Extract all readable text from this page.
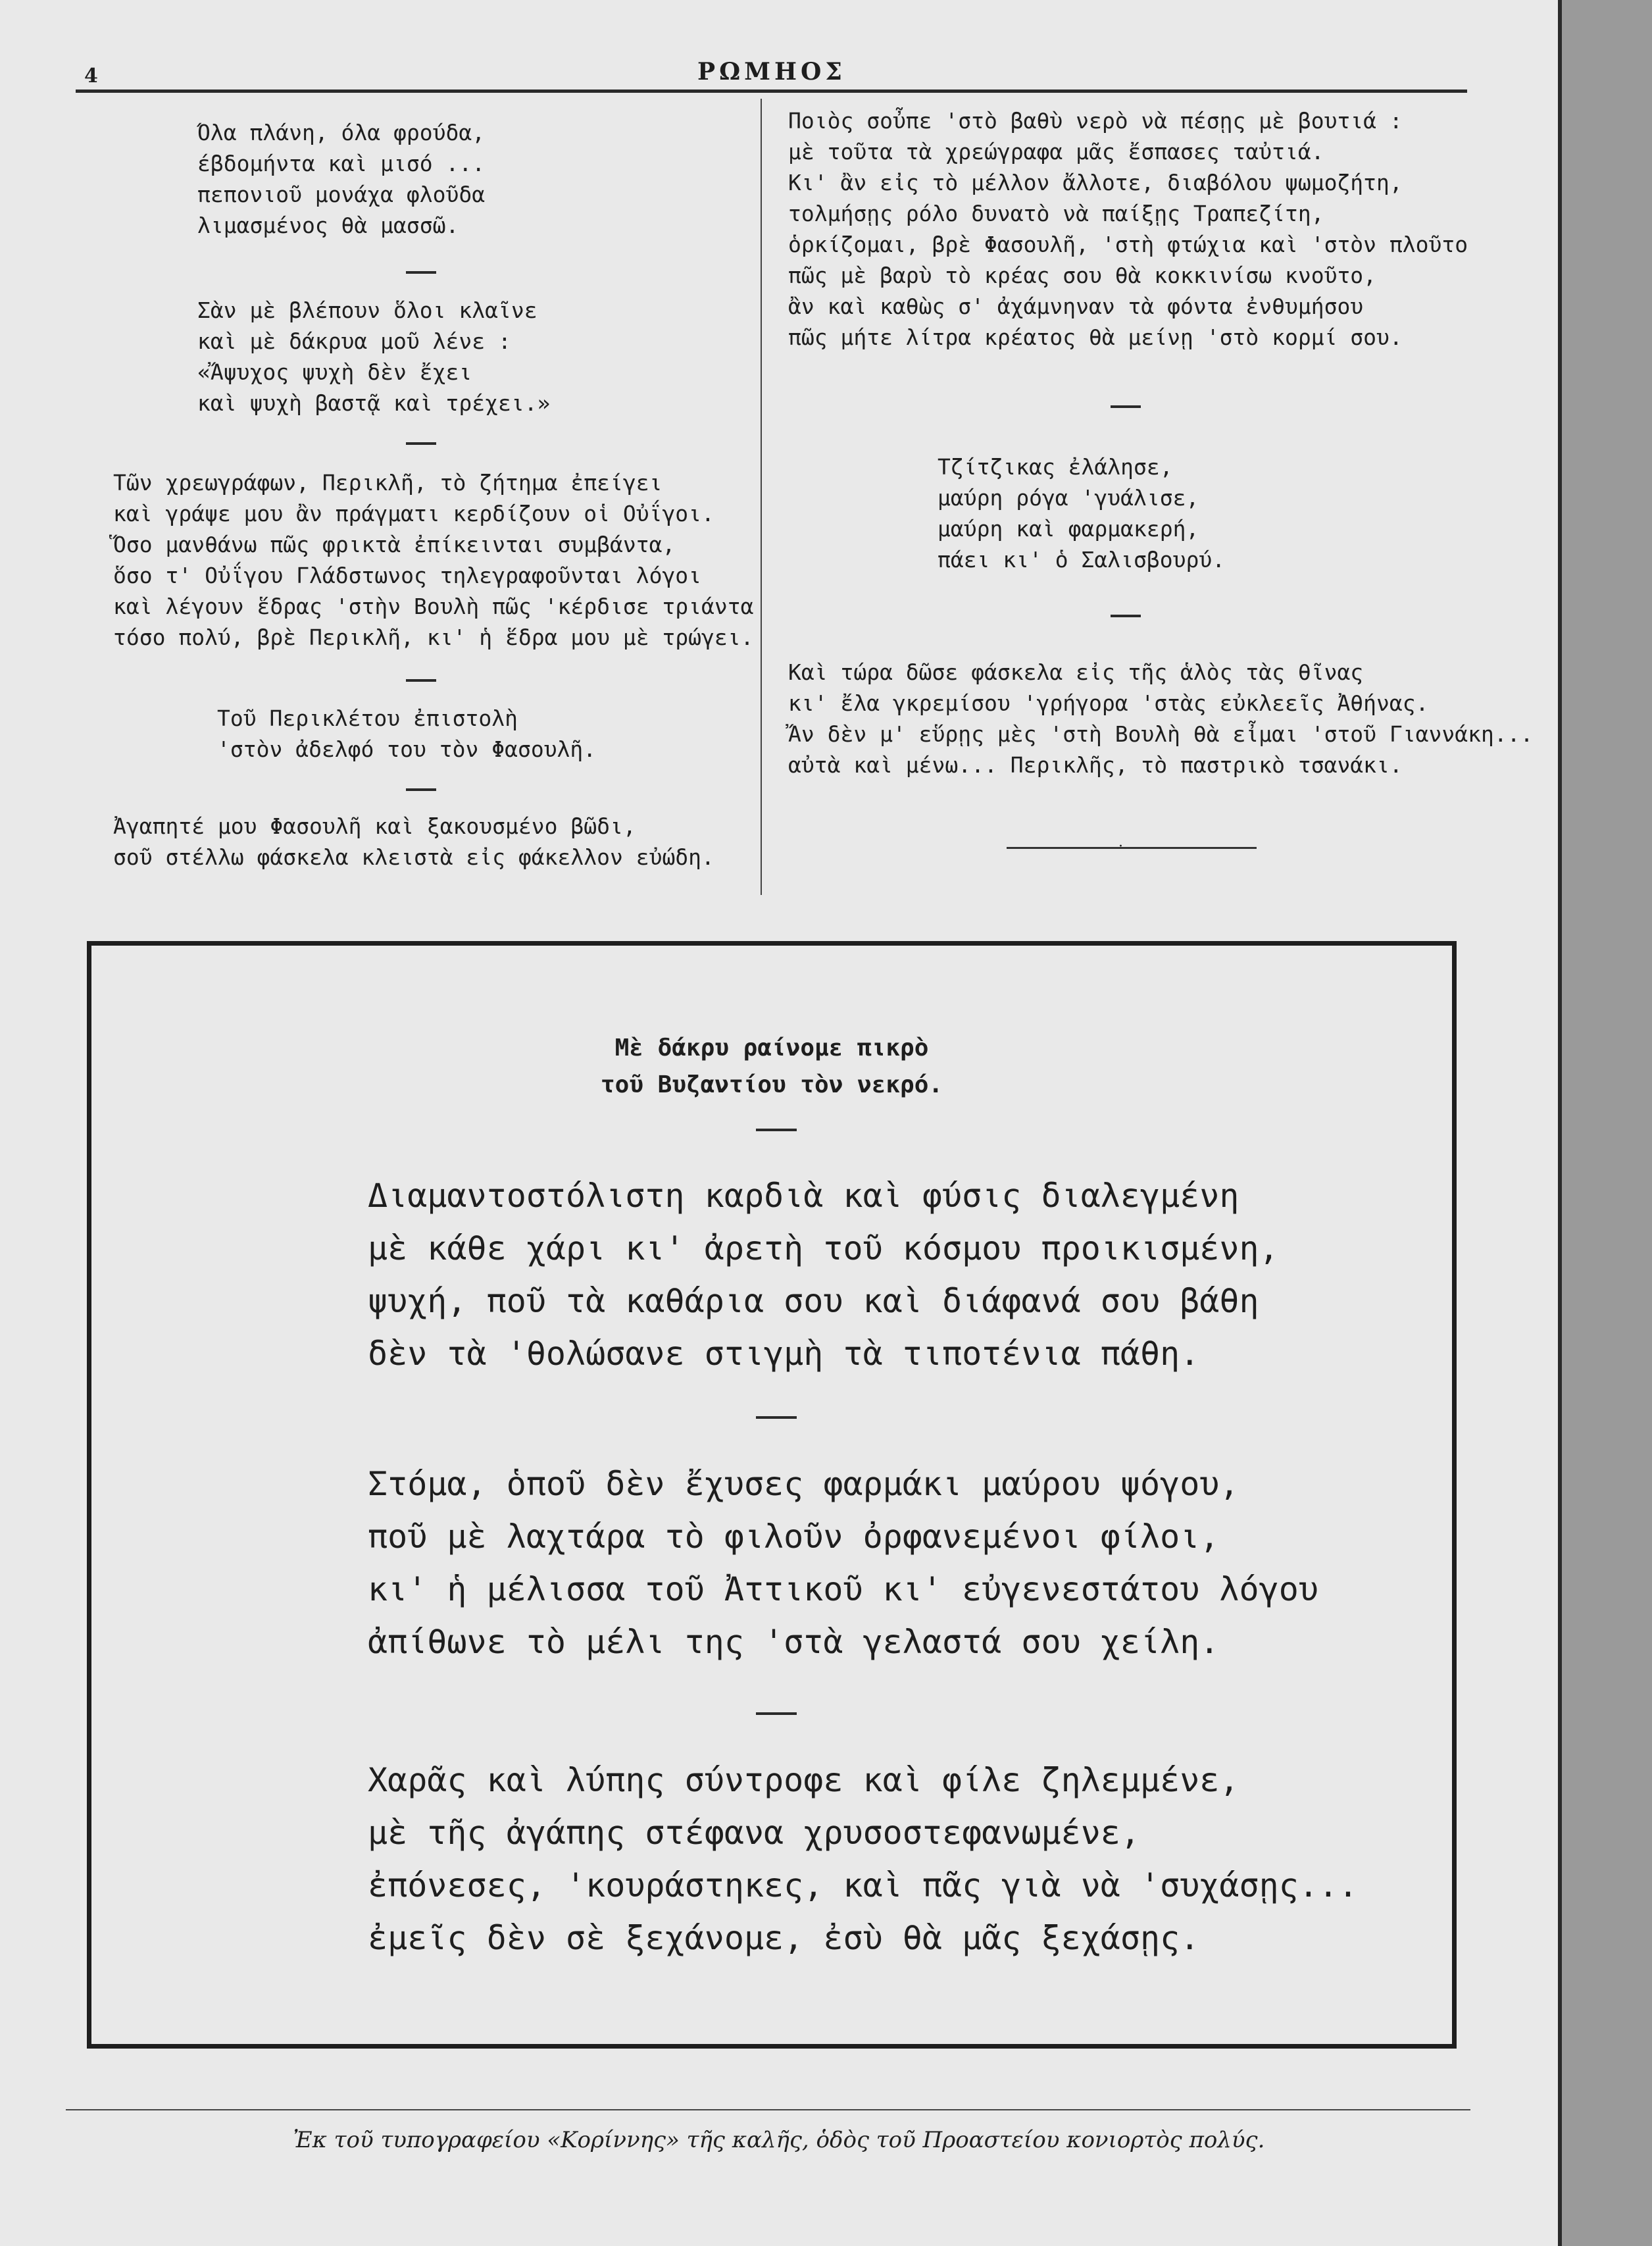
4	ΡΩΜΗΟΣ
Όλα πλάνη, όλα φρούδα,
έβδομήντα καὶ μισό ...
πεπονιοῦ μονάχα φλοῦδα
λιμασμένος θὰ μασσῶ.
Σὰν μὲ βλέπουν ὅλοι κλαῖνε
καὶ μὲ δάκρυα μοῦ λένε :
«Ἄψυχος ψυχὴ δὲν ἔχει
καὶ ψυχὴ βαστᾷ καὶ τρέχει.»
Τῶν χρεωγράφων, Περικλῆ, τὸ ζήτημα ἐπείγει
καὶ γράψε μου ἂν πράγματι κερδίζουν οἱ Οὐΐγοι.
Ὅσο μανθάνω πῶς φρικτὰ ἐπίκεινται συμβάντα,
ὅσο τ' Οὐΐγου Γλάδστωνος τηλεγραφοῦνται λόγοι
καὶ λέγουν ἕδρας 'στὴν Βουλὴ πῶς 'κέρδισε τριάντα
τόσο πολύ, βρὲ Περικλῆ, κι' ἡ ἕδρα μου μὲ τρώγει.
Τοῦ Περικλέτου ἐπιστολὴ
'στὸν ἀδελφό του τὸν Φασουλῆ.
Ἀγαπητέ μου Φασουλῆ καὶ ξακουσμένο βῶδι,
σοῦ στέλλω φάσκελα κλειστὰ εἰς φάκελλον εὐώδη.
Ποιὸς σοὖπε 'στὸ βαθὺ νερὸ νὰ πέσῃς μὲ βουτιά :
μὲ τοῦτα τὰ χρεώγραφα μᾶς ἔσπασες ταὐτιά.
Κι' ἂν εἰς τὸ μέλλον ἄλλοτε, διαβόλου ψωμοζήτη,
τολμήσῃς ρόλο δυνατὸ νὰ παίξῃς Τραπεζίτη,
ὁρκίζομαι, βρὲ Φασουλῆ, 'στὴ φτώχια καὶ 'στὸν πλοῦτο
πῶς μὲ βαρὺ τὸ κρέας σου θὰ κοκκινίσω κνοῦτο,
ἂν καὶ καθὼς σ' ἀχάμνηναν τὰ φόντα ἐνθυμήσου
πῶς μήτε λίτρα κρέατος θὰ μείνῃ 'στὸ κορμί σου.
Τζίτζικας ἐλάλησε,
μαύρη ρόγα 'γυάλισε,
μαύρη καὶ φαρμακερή,
πάει κι' ὁ Σαλισβουρύ.
Καὶ τώρα δῶσε φάσκελα εἰς τῆς ἁλὸς τὰς θῖνας
κι' ἔλα γκρεμίσου 'γρήγορα 'στὰς εὐκλεεῖς Ἀθήνας.
Ἄν δὲν μ' εὕρῃς μὲς 'στὴ Βουλὴ θὰ εἶμαι 'στοῦ Γιαννάκη...
αὐτὰ καὶ μένω... Περικλῆς, τὸ παστρικὸ τσανάκι.
·
Μὲ δάκρυ ραίνομε πικρὸ
τοῦ Βυζαντίου τὸν νεκρό.
Διαμαντοστόλιστη καρδιὰ καὶ φύσις διαλεγμένη
μὲ κάθε χάρι κι' ἀρετὴ τοῦ κόσμου προικισμένη,
ψυχή, ποῦ τὰ καθάρια σου καὶ διάφανά σου βάθη
δὲν τὰ 'θολώσανε στιγμὴ τὰ τιποτένια πάθη.
Στόμα, ὁποῦ δὲν ἔχυσες φαρμάκι μαύρου ψόγου,
ποῦ μὲ λαχτάρα τὸ φιλοῦν ὀρφανεμένοι φίλοι,
κι' ἡ μέλισσα τοῦ Ἀττικοῦ κι' εὐγενεστάτου λόγου
ἀπίθωνε τὸ μέλι της 'στὰ γελαστά σου χείλη.
Χαρᾶς καὶ λύπης σύντροφε καὶ φίλε ζηλεμμένε,
μὲ τῆς ἀγάπης στέφανα χρυσοστεφανωμένε,
ἐπόνεσες, 'κουράστηκες, καὶ πᾶς γιὰ νὰ 'συχάσῃς...
ἐμεῖς δὲν σὲ ξεχάνομε, ἐσὺ θὰ μᾶς ξεχάσῃς.
Ἐκ τοῦ τυπογραφείου «Κορίννης» τῆς καλῆς, ὁδὸς τοῦ Προαστείου κονιορτὸς πολύς.
